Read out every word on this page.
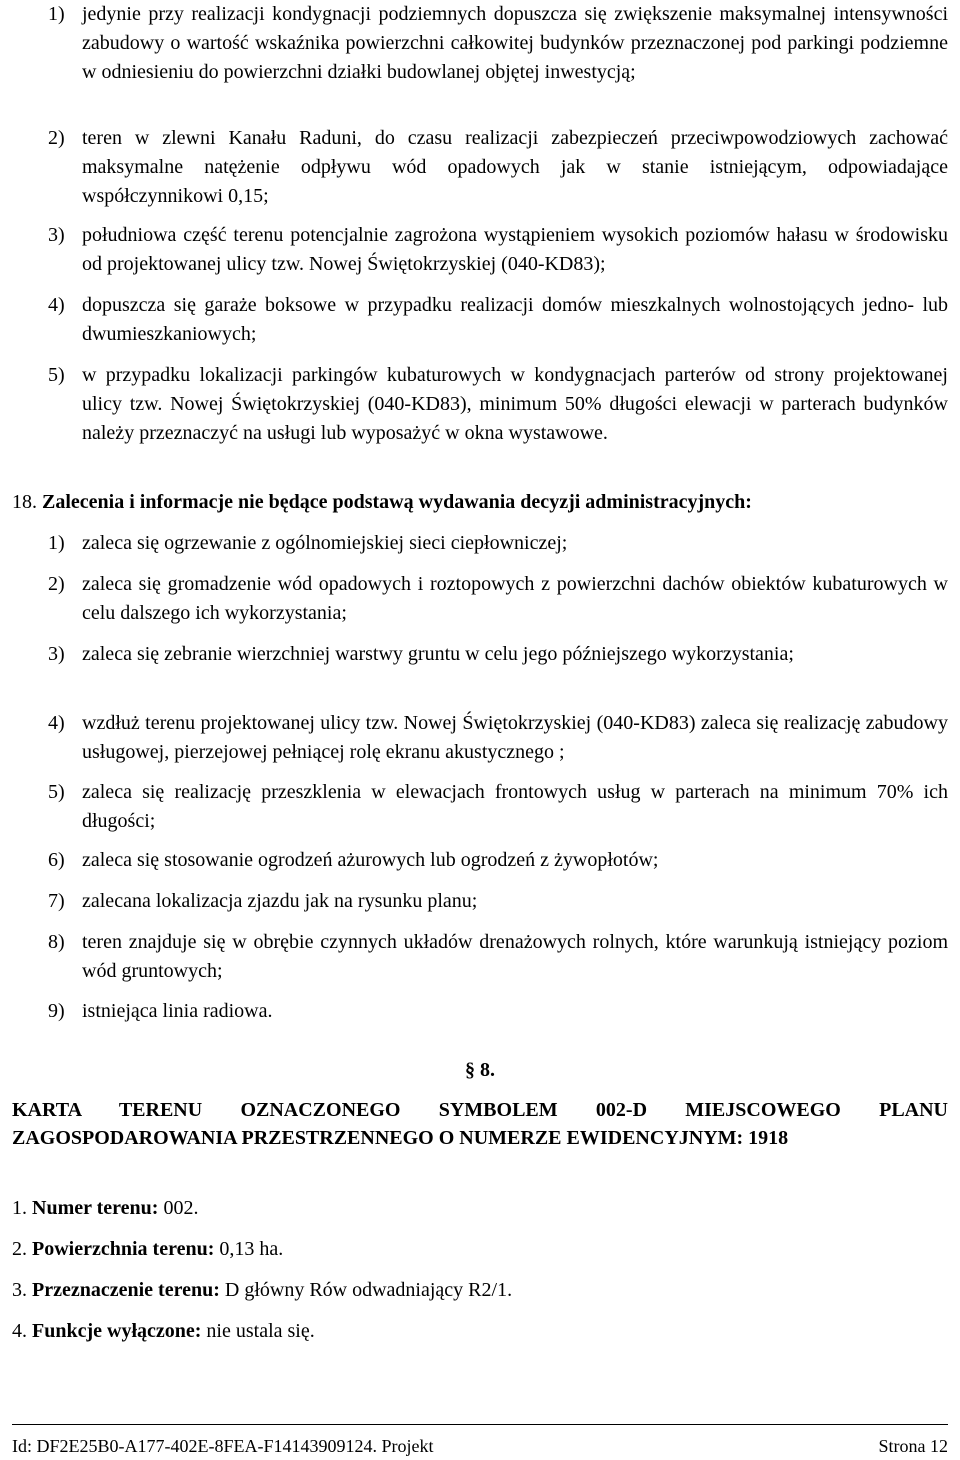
1) jedynie przy realizacji kondygnacji podziemnych dopuszcza się zwiększenie maksymalnej intensywności zabudowy o wartość wskaźnika powierzchni całkowitej budynków przeznaczonej pod parkingi podziemne w odniesieniu do powierzchni działki budowlanej objętej inwestycją;
2) teren w zlewni Kanału Raduni, do czasu realizacji zabezpieczeń przeciwpowodziowych zachować maksymalne natężenie odpływu wód opadowych jak w stanie istniejącym, odpowiadające współczynnikowi 0,15;
3) południowa część terenu potencjalnie zagrożona wystąpieniem wysokich poziomów hałasu w środowisku od projektowanej ulicy tzw. Nowej Świętokrzyskiej (040-KD83);
4) dopuszcza się garaże boksowe w przypadku realizacji domów mieszkalnych wolnostojących jedno- lub dwumieszkaniowych;
5) w przypadku lokalizacji parkingów kubaturowych w kondygnacjach parterów od strony projektowanej ulicy tzw. Nowej Świętokrzyskiej (040-KD83), minimum 50% długości elewacji w parterach budynków należy przeznaczyć na usługi lub wyposażyć w okna wystawowe.
18. Zalecenia i informacje nie będące podstawą wydawania decyzji administracyjnych:
1) zaleca się ogrzewanie z ogólnomiejskiej sieci ciepłowniczej;
2) zaleca się gromadzenie wód opadowych i roztopowych z powierzchni dachów obiektów kubaturowych w celu dalszego ich wykorzystania;
3) zaleca się zebranie wierzchniej warstwy gruntu w celu jego późniejszego wykorzystania;
4) wzdłuż terenu projektowanej ulicy tzw. Nowej Świętokrzyskiej (040-KD83) zaleca się realizację zabudowy usługowej, pierzejowej pełniącej rolę ekranu akustycznego ;
5) zaleca się realizację przeszklenia w elewacjach frontowych usług w parterach na minimum 70% ich długości;
6) zaleca się stosowanie ogrodzeń ażurowych lub ogrodzeń z żywopłotów;
7) zalecana lokalizacja zjazdu jak na rysunku planu;
8) teren znajduje się w obrębie czynnych układów drenażowych rolnych, które warunkują istniejący poziom wód gruntowych;
9) istniejąca linia radiowa.
§ 8.
KARTA TERENU OZNACZONEGO SYMBOLEM 002-D MIEJSCOWEGO PLANU ZAGOSPODAROWANIA PRZESTRZENNEGO O NUMERZE EWIDENCYJNYM: 1918
1. Numer terenu: 002.
2. Powierzchnia terenu: 0,13 ha.
3. Przeznaczenie terenu: D główny Rów odwadniający R2/1.
4. Funkcje wyłączone: nie ustala się.
Id: DF2E25B0-A177-402E-8FEA-F14143909124. Projekt	Strona 12
